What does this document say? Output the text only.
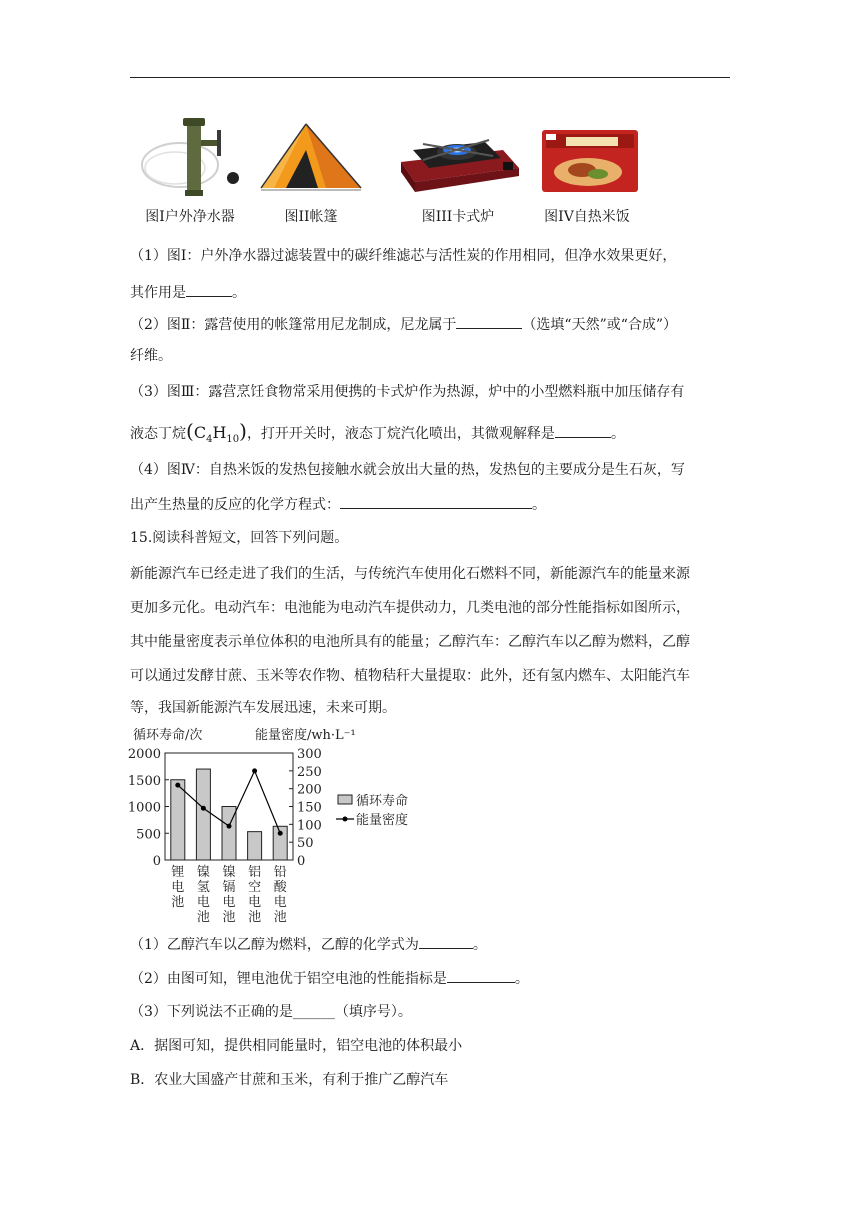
图I户外净水器	图II帐篷	图III卡式炉	图IV自热米饭
（1）图Ⅰ：户外净水器过滤装置中的碳纤维滤芯与活性炭的作用相同，但净水效果更好，
其作用是	。
（2）图Ⅱ：露营使用的帐篷常用尼龙制成，尼龙属于	（选填“天然”或“合成”）
纤维。
（3）图Ⅲ：露营烹饪食物常采用便携的卡式炉作为热源，炉中的小型燃料瓶中加压储存有
液态丁烷$(C_4H_{10})$，打开开关时，液态丁烷汽化喷出，其微观解释是	。
（4）图Ⅳ：自热米饭的发热包接触水就会放出大量的热，发热包的主要成分是生石灰，写
出产生热量的反应的化学方程式：	。
15.阅读科普短文，回答下列问题。
新能源汽车已经走进了我们的生活，与传统汽车使用化石燃料不同，新能源汽车的能量来源
更加多元化。电动汽车：电池能为电动汽车提供动力，几类电池的部分性能指标如图所示，
其中能量密度表示单位体积的电池所具有的能量；乙醇汽车：乙醇汽车以乙醇为燃料，乙醇
可以通过发酵甘蔗、玉米等农作物、植物秸秆大量提取：此外，还有氢内燃车、太阳能汽车
等，我国新能源汽车发展迅速，未来可期。
循环寿命/次	能量密度/wh·L⁻¹
0
500
1000
1500
2000
0
50
100
150
200
250
300
锂
电
池
镍
氢
电
池
镍
镉
电
池
铝
空
电
池
铅
酸
电
池
循环寿命
能量密度
（1）乙醇汽车以乙醇为燃料，乙醇的化学式为	。
（2）由图可知，锂电池优于铝空电池的性能指标是	。
（3）下列说法不正确的是______（填序号）。
A．据图可知，提供相同能量时，铝空电池的体积最小
B．农业大国盛产甘蔗和玉米，有利于推广乙醇汽车
